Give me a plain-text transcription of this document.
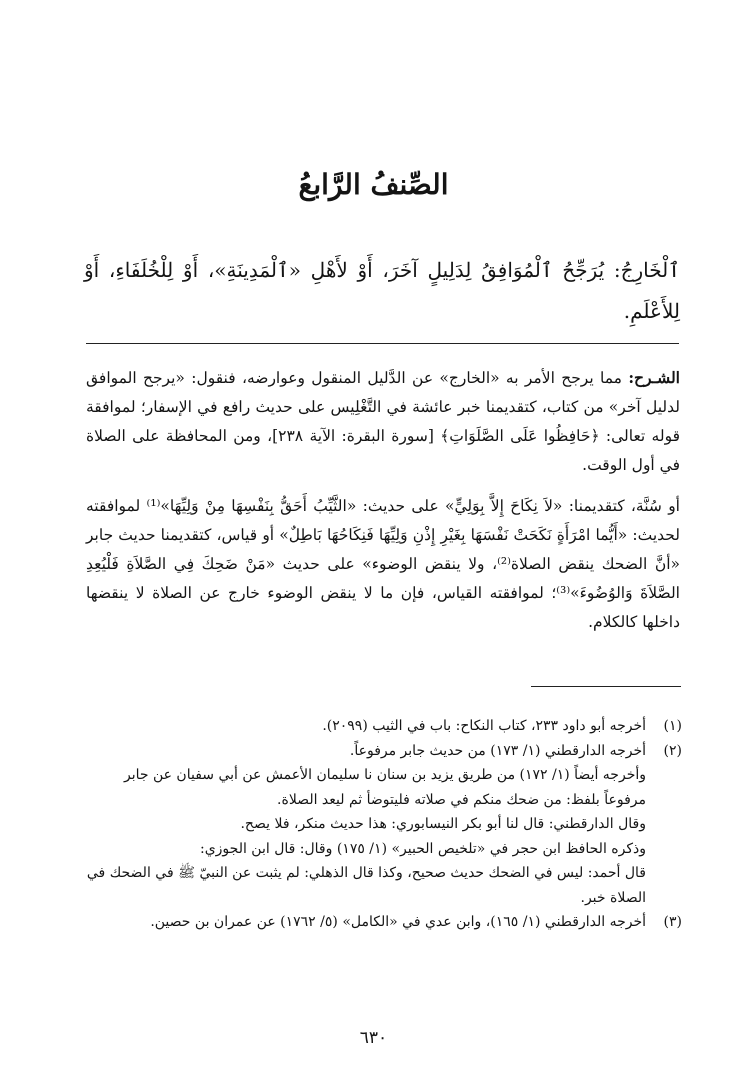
الصِّنفُ الرَّابعُ
ٱلْخَارِجُ: يُرَجِّحُ ٱلْمُوَافِقُ لِدَلِيلٍ آخَرَ، أَوْ لأَهْلِ «ٱلْمَدِينَةِ»، أَوْ لِلْخُلَفَاءِ، أَوْ لِلأَعْلَمِ.

الشـرح: مما يرجح الأمر به «الخارج» عن الدَّليل المنقول وعوارضه، فنقول: «يرجح الموافق لدليل آخر» من كتاب، كتقديمنا خبر عائشة في التَّغْلِيس على حديث رافع في الإسفار؛ لموافقة قوله تعالى: ﴿حَافِظُوا عَلَى الصَّلَوَاتِ﴾ [سورة البقرة: الآية ٢٣٨]، ومن المحافظة على الصلاة في أول الوقت.

أو سُنَّة، كتقديمنا: «لاَ نِكَاحَ إِلاَّ بِوَلِيٍّ» على حديث: «الثَّيِّبُ أَحَقُّ بِنَفْسِهَا مِنْ وَلِيِّهَا»⁽¹⁾ لموافقته لحديث: «أَيُّما امْرَأَةٍ نَكَحَتْ نَفْسَهَا بِغَيْرِ إِذْنِ وَلِيِّهَا فَنِكَاحُهَا بَاطِلٌ» أو قياس، كتقديمنا حديث جابر «أنَّ الضحك ينقض الصلاة⁽²⁾، ولا ينقض الوضوء» على حديث «مَنْ ضَحِكَ فِي الصَّلاَةِ فَلْيُعِدِ الصَّلاَةَ وَالوُضُوءَ»⁽³⁾؛ لموافقته القياس، فإن ما لا ينقض الوضوء خارج عن الصلاة لا ينقضها داخلها كالكلام.

(١)
أخرجه أبو داود ٢٣٣، كتاب النكاح: باب في الثيب (٢٠٩٩).
(٢)
أخرجه الدارقطني (١/ ١٧٣) من حديث جابر مرفوعاً.

وأخرجه أيضاً (١/ ١٧٢) من طريق يزيد بن سنان نا سليمان الأعمش عن أبي سفيان عن جابر مرفوعاً بلفظ: من ضحك منكم في صلاته فليتوضأ ثم ليعد الصلاة.

وقال الدارقطني: قال لنا أبو بكر النيسابوري: هذا حديث منكر، فلا يصح.

وذكره الحافظ ابن حجر في «تلخيص الحبير» (١/ ١٧٥) وقال: قال ابن الجوزي:

قال أحمد: ليس في الضحك حديث صحيح، وكذا قال الذهلي: لم يثبت عن النبيّ ﷺ في الضحك في الصلاة خبر.

(٣)
أخرجه الدارقطني (١/ ١٦٥)، وابن عدي في «الكامل» (٥/ ١٧٦٢) عن عمران بن حصين.
٦٣٠
